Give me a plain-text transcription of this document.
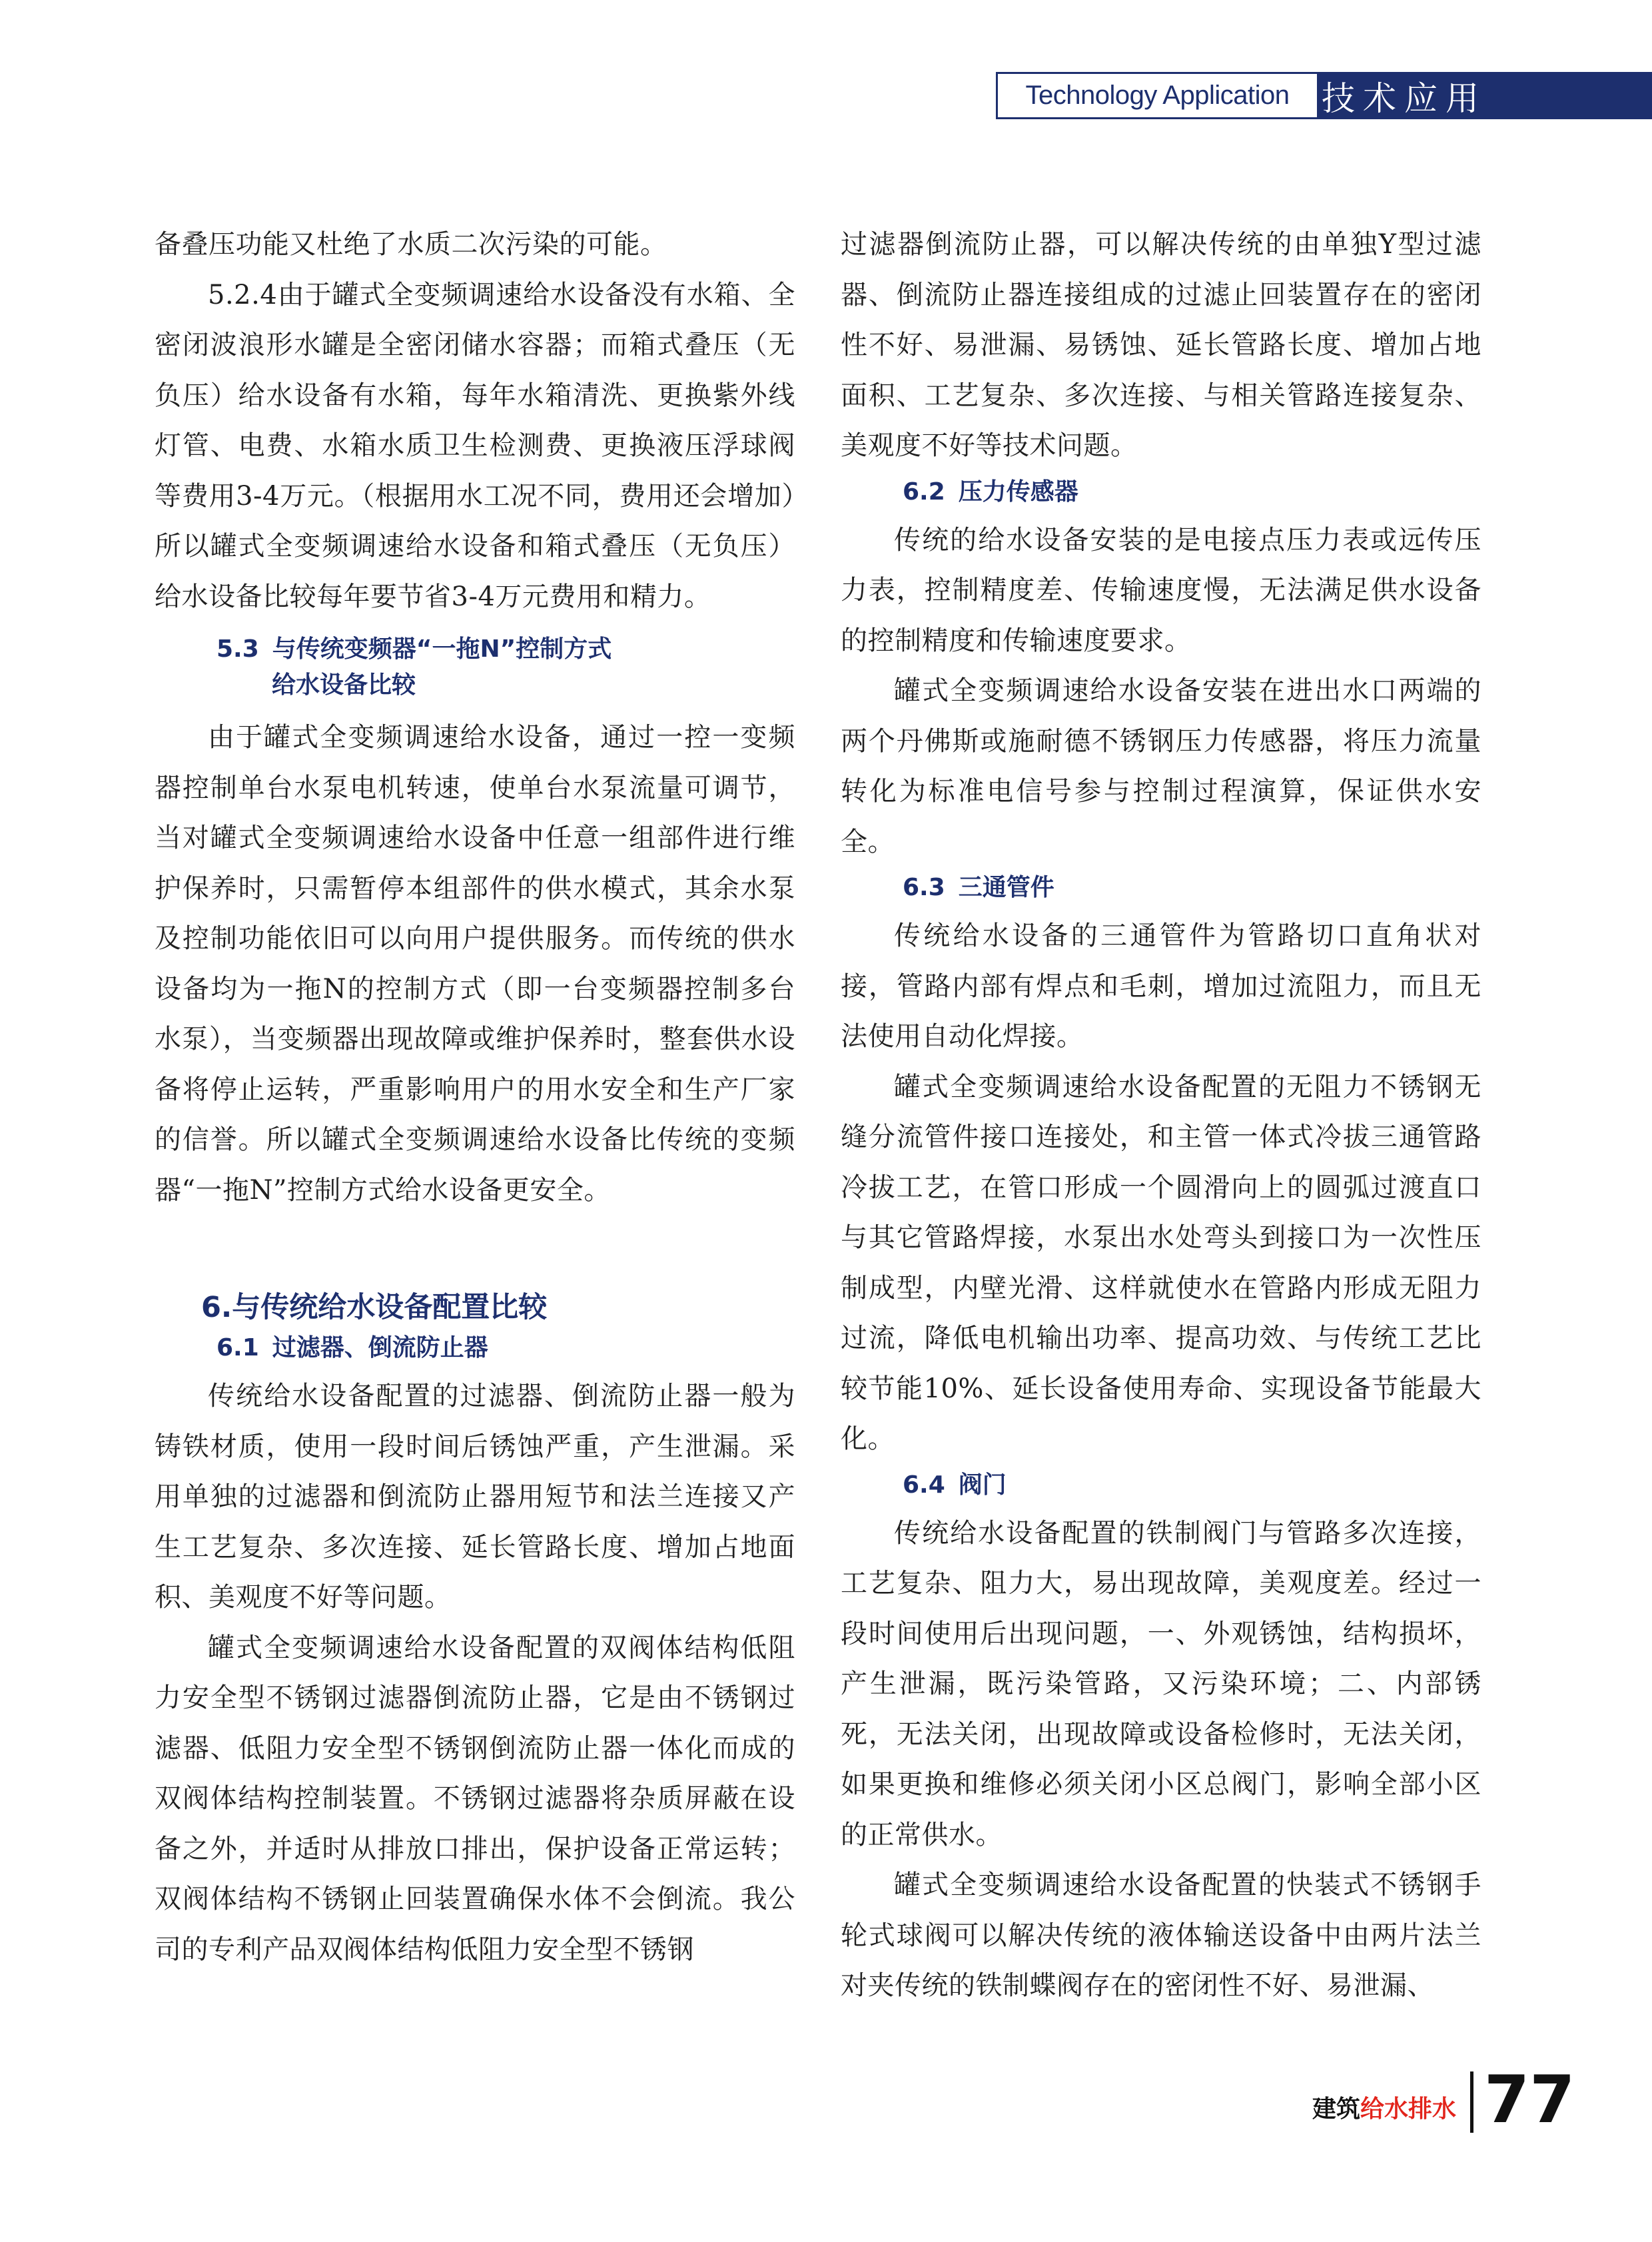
Technology Application 技术应用

备叠压功能又杜绝了水质二次污染的可能。

5.2.4由于罐式全变频调速给水设备没有水箱、全密闭波浪形水罐是全密闭储水容器；而箱式叠压（无负压）给水设备有水箱，每年水箱清洗、更换紫外线灯管、电费、水箱水质卫生检测费、更换液压浮球阀等费用3-4万元。（根据用水工况不同，费用还会增加）所以罐式全变频调速给水设备和箱式叠压（无负压）给水设备比较每年要节省3-4万元费用和精力。

5.3 与传统变频器“一拖N”控制方式
给水设备比较

由于罐式全变频调速给水设备，通过一控一变频器控制单台水泵电机转速，使单台水泵流量可调节，当对罐式全变频调速给水设备中任意一组部件进行维护保养时，只需暂停本组部件的供水模式，其余水泵及控制功能依旧可以向用户提供服务。而传统的供水设备均为一拖N的控制方式（即一台变频器控制多台水泵），当变频器出现故障或维护保养时，整套供水设备将停止运转，严重影响用户的用水安全和生产厂家的信誉。所以罐式全变频调速给水设备比传统的变频器“一拖N”控制方式给水设备更安全。

6.与传统给水设备配置比较
6.1 过滤器、倒流防止器

传统给水设备配置的过滤器、倒流防止器一般为铸铁材质，使用一段时间后锈蚀严重，产生泄漏。采用单独的过滤器和倒流防止器用短节和法兰连接又产生工艺复杂、多次连接、延长管路长度、增加占地面积、美观度不好等问题。

罐式全变频调速给水设备配置的双阀体结构低阻力安全型不锈钢过滤器倒流防止器，它是由不锈钢过滤器、低阻力安全型不锈钢倒流防止器一体化而成的双阀体结构控制装置。不锈钢过滤器将杂质屏蔽在设备之外，并适时从排放口排出，保护设备正常运转；双阀体结构不锈钢止回装置确保水体不会倒流。我公司的专利产品双阀体结构低阻力安全型不锈钢

过滤器倒流防止器，可以解决传统的由单独Y型过滤器、倒流防止器连接组成的过滤止回装置存在的密闭性不好、易泄漏、易锈蚀、延长管路长度、增加占地面积、工艺复杂、多次连接、与相关管路连接复杂、美观度不好等技术问题。

6.2 压力传感器

传统的给水设备安装的是电接点压力表或远传压力表，控制精度差、传输速度慢，无法满足供水设备的控制精度和传输速度要求。

罐式全变频调速给水设备安装在进出水口两端的两个丹佛斯或施耐德不锈钢压力传感器，将压力流量转化为标准电信号参与控制过程演算，保证供水安全。

6.3 三通管件

传统给水设备的三通管件为管路切口直角状对接，管路内部有焊点和毛刺，增加过流阻力，而且无法使用自动化焊接。

罐式全变频调速给水设备配置的无阻力不锈钢无缝分流管件接口连接处，和主管一体式冷拔三通管路冷拔工艺，在管口形成一个圆滑向上的圆弧过渡直口与其它管路焊接，水泵出水处弯头到接口为一次性压制成型，内壁光滑、这样就使水在管路内形成无阻力过流，降低电机输出功率、提高功效、与传统工艺比较节能10%、延长设备使用寿命、实现设备节能最大化。

6.4 阀门

传统给水设备配置的铁制阀门与管路多次连接，工艺复杂、阻力大，易出现故障，美观度差。经过一段时间使用后出现问题，一、外观锈蚀，结构损坏，产生泄漏，既污染管路，又污染环境；二、内部锈死，无法关闭，出现故障或设备检修时，无法关闭，如果更换和维修必须关闭小区总阀门，影响全部小区的正常供水。

罐式全变频调速给水设备配置的快装式不锈钢手轮式球阀可以解决传统的液体输送设备中由两片法兰对夹传统的铁制蝶阀存在的密闭性不好、易泄漏、

建筑给水排水 77
